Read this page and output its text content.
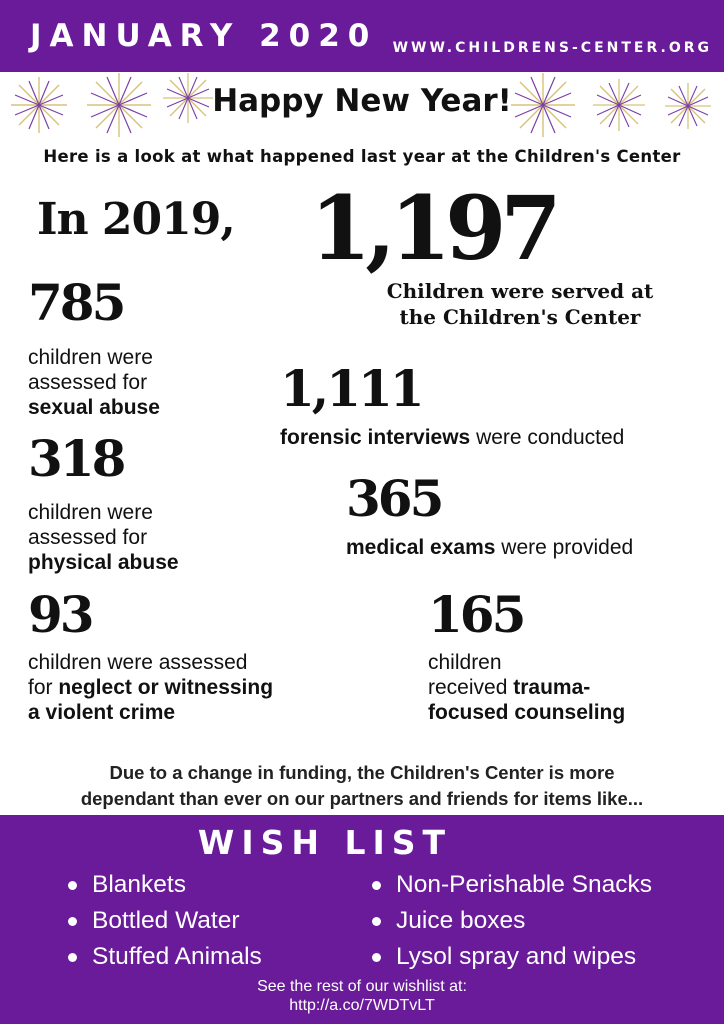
JANUARY 2020 WWW.CHILDRENS-CENTER.ORG
Happy New Year!
Here is a look at what happened last year at the Children's Center
In 2019, 1,197
Children were served at
the Children's Center
785
children were
assessed for
sexual abuse 1,111
forensic interviews were conducted
318
children were
assessed for
physical abuse
365
medical exams were provided
93
children were assessed
for neglect or witnessing
a violent crime
165
children
received trauma-
focused counseling
Due to a change in funding, the Children's Center is more
dependant than ever on our partners and friends for items like...
WISH LIST
Blankets
Bottled Water
Stuffed Animals
Non-Perishable Snacks
Juice boxes
Lysol spray and wipes
See the rest of our wishlist at:
http://a.co/7WDTvLT
